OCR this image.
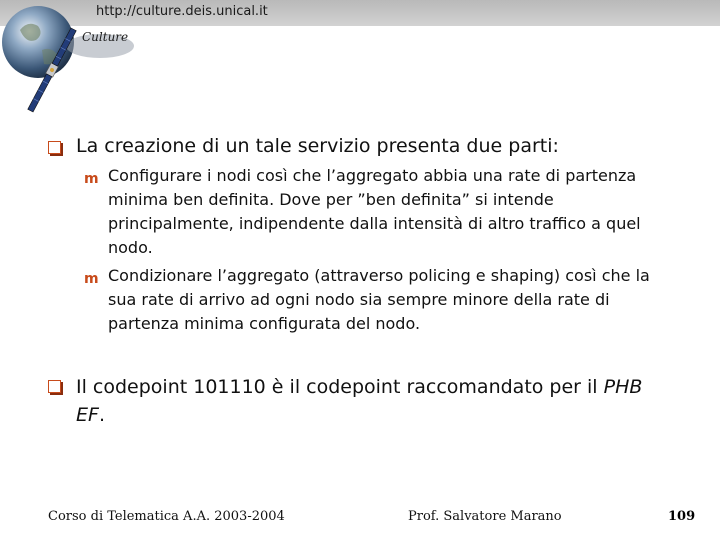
http://culture.deis.unical.it
Culture
La creazione di un tale servizio presenta due parti:
m Configurare i nodi così che l’aggregato abbia una rate di partenza minima ben definita. Dove per ”ben definita” si intende principalmente, indipendente dalla intensità di altro traffico a quel nodo.
m Condizionare l’aggregato (attraverso policing e shaping) così che la sua rate di arrivo ad ogni nodo sia sempre minore della rate di partenza minima configurata del nodo.
Il codepoint 101110 è il codepoint raccomandato per il PHB EF.
Corso di Telematica A.A. 2003-2004	Prof. Salvatore Marano	109
